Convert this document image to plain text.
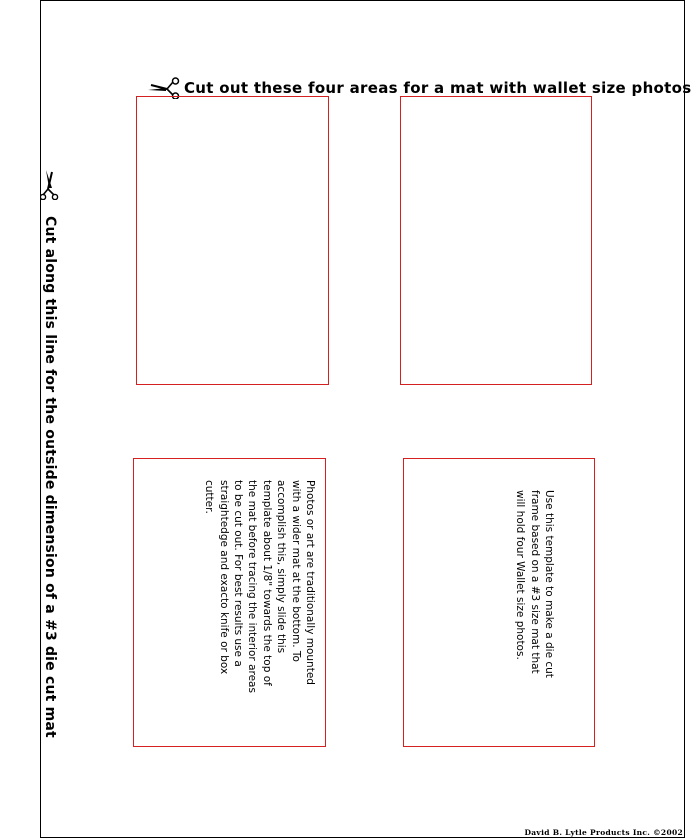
Cut out these four areas for a mat with wallet size photos
Cut along this line for the outside dimension of a #3 die cut mat	Photos or art are traditionally mounted
with a wider mat at the bottom. To
accomplish this, simply slide this
template about 1/8" towards the top of
the mat before tracing the interior areas
to be cut out. For best results use a
straightedge and exacto knife or box
cutter.	Use this template to make a die cut
frame based on a #3 size mat that
will hold four Wallet size photos.
David B. Lytle Products Inc. ©2002
